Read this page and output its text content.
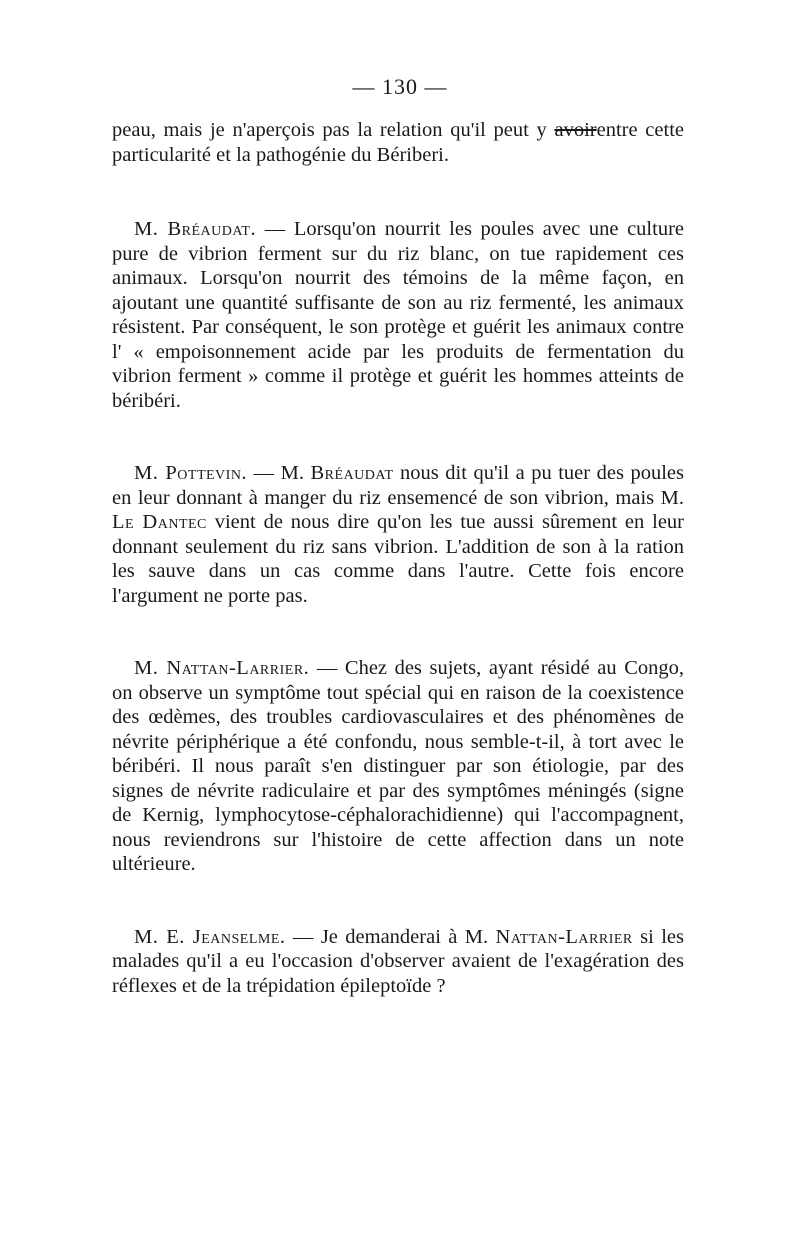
— 130 —

peau, mais je n'aperçois pas la relation qu'il peut y avoirentre cette particularité et la pathogénie du Bériberi.

M. Bréaudat. — Lorsqu'on nourrit les poules avec une culture pure de vibrion ferment sur du riz blanc, on tue rapidement ces animaux. Lorsqu'on nourrit des témoins de la même façon, en ajoutant une quantité suffisante de son au riz fermenté, les animaux résistent. Par conséquent, le son protège et guérit les animaux contre l' « empoisonnement acide par les produits de fermentation du vibrion ferment » comme il protège et guérit les hommes atteints de béribéri.

M. Pottevin. — M. Bréaudat nous dit qu'il a pu tuer des poules en leur donnant à manger du riz ensemencé de son vibrion, mais M. Le Dantec vient de nous dire qu'on les tue aussi sûrement en leur donnant seulement du riz sans vibrion. L'addition de son à la ration les sauve dans un cas comme dans l'autre. Cette fois encore l'argument ne porte pas.

M. Nattan-Larrier. — Chez des sujets, ayant résidé au Congo, on observe un symptôme tout spécial qui en raison de la coexistence des œdèmes, des troubles cardiovasculaires et des phénomènes de névrite périphérique a été confondu, nous semble-t-il, à tort avec le béribéri. Il nous paraît s'en distinguer par son étiologie, par des signes de névrite radiculaire et par des symptômes méningés (signe de Kernig, lymphocytose-céphalorachidienne) qui l'accompagnent, nous reviendrons sur l'histoire de cette affection dans un note ultérieure.

M. E. Jeanselme. — Je demanderai à M. Nattan-Larrier si les malades qu'il a eu l'occasion d'observer avaient de l'exagération des réflexes et de la trépidation épileptoïde ?
